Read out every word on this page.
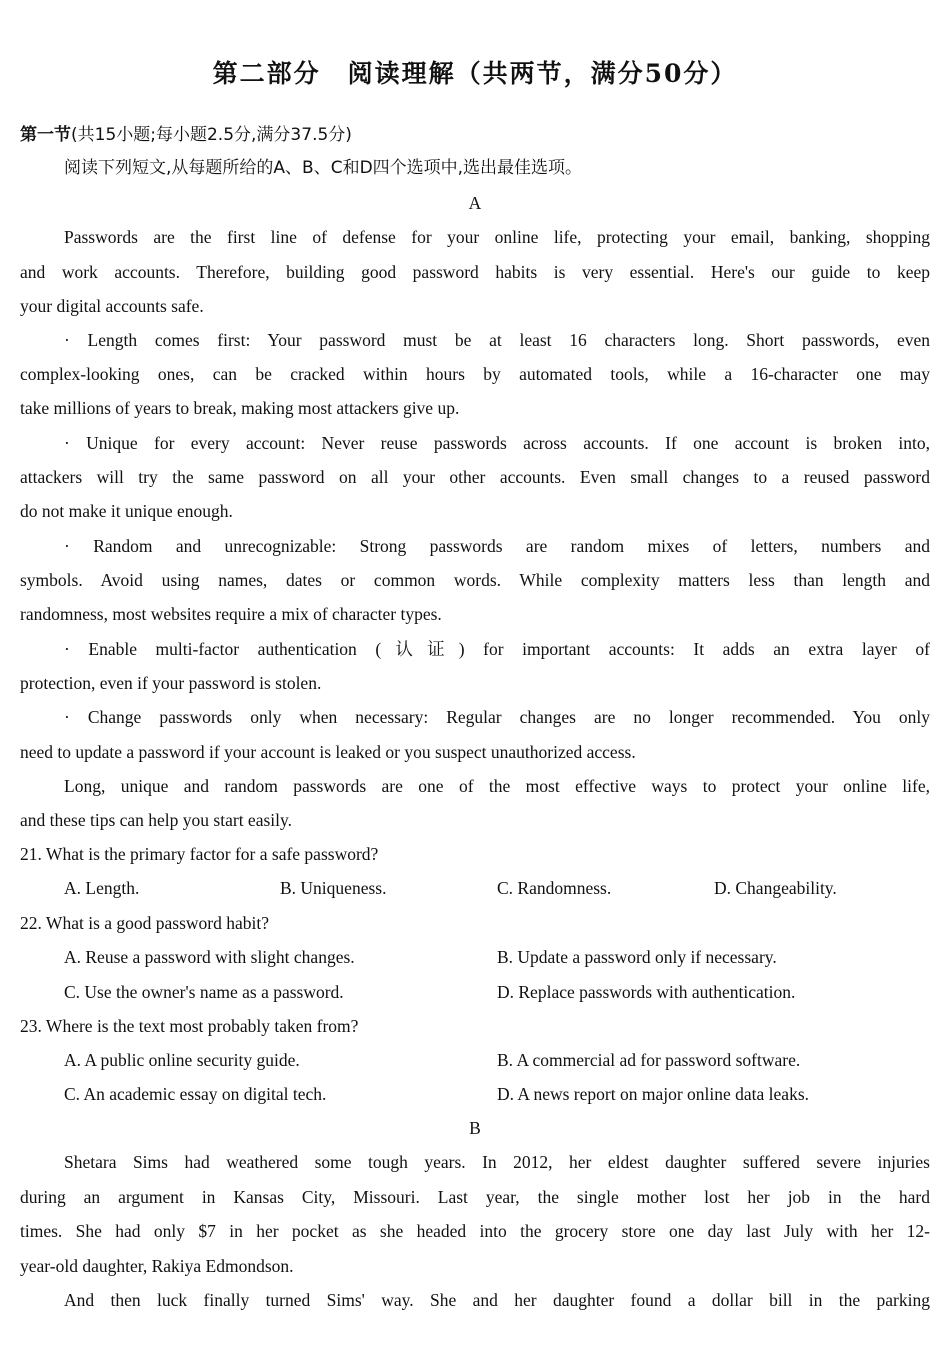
第二部分　阅读理解（共两节，满分50分）
第一节(共15小题;每小题2.5分,满分37.5分)
阅读下列短文,从每题所给的A、B、C和D四个选项中,选出最佳选项。
A
Passwords are the first line of defense for your online life, protecting your email, banking, shopping
and work accounts. Therefore, building good password habits is very essential. Here's our guide to keep
your digital accounts safe.
· Length comes first: Your password must be at least 16 characters long. Short passwords, even
complex-looking ones, can be cracked within hours by automated tools, while a 16-character one may
take millions of years to break, making most attackers give up.
· Unique for every account: Never reuse passwords across accounts. If one account is broken into,
attackers will try the same password on all your other accounts. Even small changes to a reused password
do not make it unique enough.
· Random and unrecognizable: Strong passwords are random mixes of letters, numbers and
symbols. Avoid using names, dates or common words. While complexity matters less than length and
randomness, most websites require a mix of character types.
· Enable multi-factor authentication (认证) for important accounts: It adds an extra layer of
protection, even if your password is stolen.
· Change passwords only when necessary: Regular changes are no longer recommended. You only
need to update a password if your account is leaked or you suspect unauthorized access.
Long, unique and random passwords are one of the most effective ways to protect your online life,
and these tips can help you start easily.
21. What is the primary factor for a safe password?
A. Length.	B. Uniqueness.	C. Randomness.	D. Changeability.
22. What is a good password habit?
A. Reuse a password with slight changes.	B. Update a password only if necessary.
C. Use the owner's name as a password.	D. Replace passwords with authentication.
23. Where is the text most probably taken from?
A. A public online security guide.	B. A commercial ad for password software.
C. An academic essay on digital tech.	D. A news report on major online data leaks.
B
Shetara Sims had weathered some tough years. In 2012, her eldest daughter suffered severe injuries
during an argument in Kansas City, Missouri. Last year, the single mother lost her job in the hard
times. She had only $7 in her pocket as she headed into the grocery store one day last July with her 12-
year-old daughter, Rakiya Edmondson.
And then luck finally turned Sims' way. She and her daughter found a dollar bill in the parking
